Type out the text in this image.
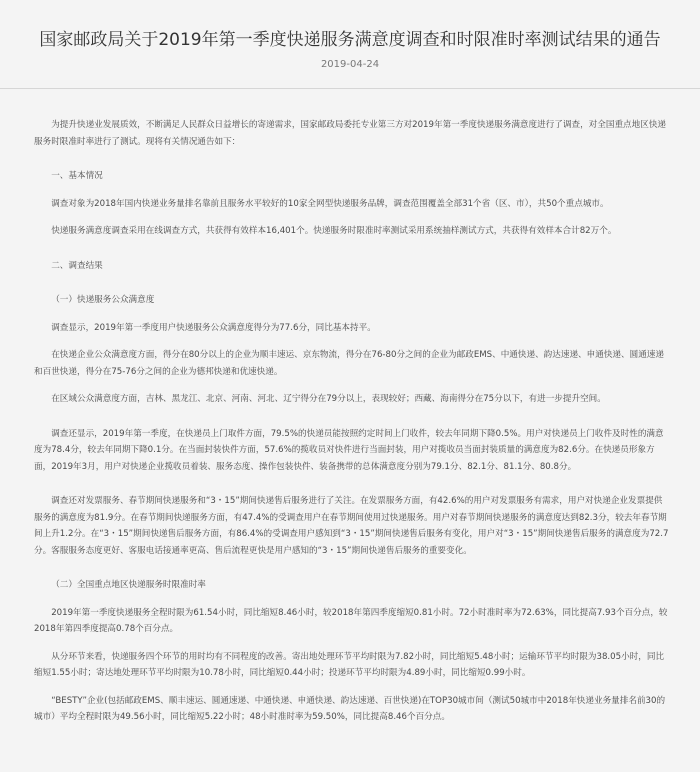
国家邮政局关于2019年第一季度快递服务满意度调查和时限准时率测试结果的通告
2019-04-24

为提升快递业发展质效，不断满足人民群众日益增长的寄递需求，国家邮政局委托专业第三方对2019年第一季度快递服务满意度进行了调查，对全国重点地区快递服务时限准时率进行了测试。现将有关情况通告如下：

一、基本情况

调查对象为2018年国内快递业务量排名靠前且服务水平较好的10家全网型快递服务品牌，调查范围覆盖全部31个省（区、市），共50个重点城市。

快递服务满意度调查采用在线调查方式，共获得有效样本16,401个。快递服务时限准时率测试采用系统抽样测试方式，共获得有效样本合计82万个。

二、调查结果

（一）快递服务公众满意度

调查显示，2019年第一季度用户快递服务公众满意度得分为77.6分，同比基本持平。

在快递企业公众满意度方面，得分在80分以上的企业为顺丰速运、京东物流，得分在76-80分之间的企业为邮政EMS、中通快递、韵达速递、申通快递、圆通速递和百世快递，得分在75-76分之间的企业为德邦快递和优速快递。

在区域公众满意度方面，吉林、黑龙江、北京、河南、河北、辽宁得分在79分以上，表现较好；西藏、海南得分在75分以下，有进一步提升空间。

调查还显示，2019年第一季度，在快递员上门取件方面，79.5%的快递员能按照约定时间上门收件，较去年同期下降0.5%。用户对快递员上门收件及时性的满意度为78.4分，较去年同期下降0.1分。在当面封装快件方面，57.6%的揽收员对快件进行当面封装，用户对揽收员当面封装质量的满意度为82.6分。在快递员形象方面，2019年3月，用户对快递企业揽收员着装、服务态度、操作包装快件、装备携带的总体满意度分别为79.1分、82.1分、81.1分、80.8分。

调查还对发票服务、春节期间快递服务和“3・15”期间快递售后服务进行了关注。在发票服务方面，有42.6%的用户对发票服务有需求，用户对快递企业发票提供服务的满意度为81.9分。在春节期间快递服务方面，有47.4%的受调查用户在春节期间使用过快递服务。用户对春节期间快递服务的满意度达到82.3分，较去年春节期间上升1.2分。在“3・15”期间快递售后服务方面，有86.4%的受调查用户感知到“3・15”期间快递售后服务有变化，用户对“3・15”期间快递售后服务的满意度为72.7分。客服服务态度更好、客服电话接通率更高、售后流程更快是用户感知的“3・15”期间快递售后服务的重要变化。

（二）全国重点地区快递服务时限准时率

2019年第一季度快递服务全程时限为61.54小时，同比缩短8.46小时，较2018年第四季度缩短0.81小时。72小时准时率为72.63%，同比提高7.93个百分点，较2018年第四季度提高0.78个百分点。

从分环节来看，快递服务四个环节的用时均有不同程度的改善。寄出地处理环节平均时限为7.82小时，同比缩短5.48小时；运输环节平均时限为38.05小时，同比缩短1.55小时；寄达地处理环节平均时限为10.78小时，同比缩短0.44小时；投递环节平均时限为4.89小时，同比缩短0.99小时。

“BESTY”企业(包括邮政EMS、顺丰速运、圆通速递、中通快递、申通快递、韵达速递、百世快递)在TOP30城市间（测试50城市中2018年快递业务量排名前30的城市）平均全程时限为49.56小时，同比缩短5.22小时；48小时准时率为59.50%，同比提高8.46个百分点。
